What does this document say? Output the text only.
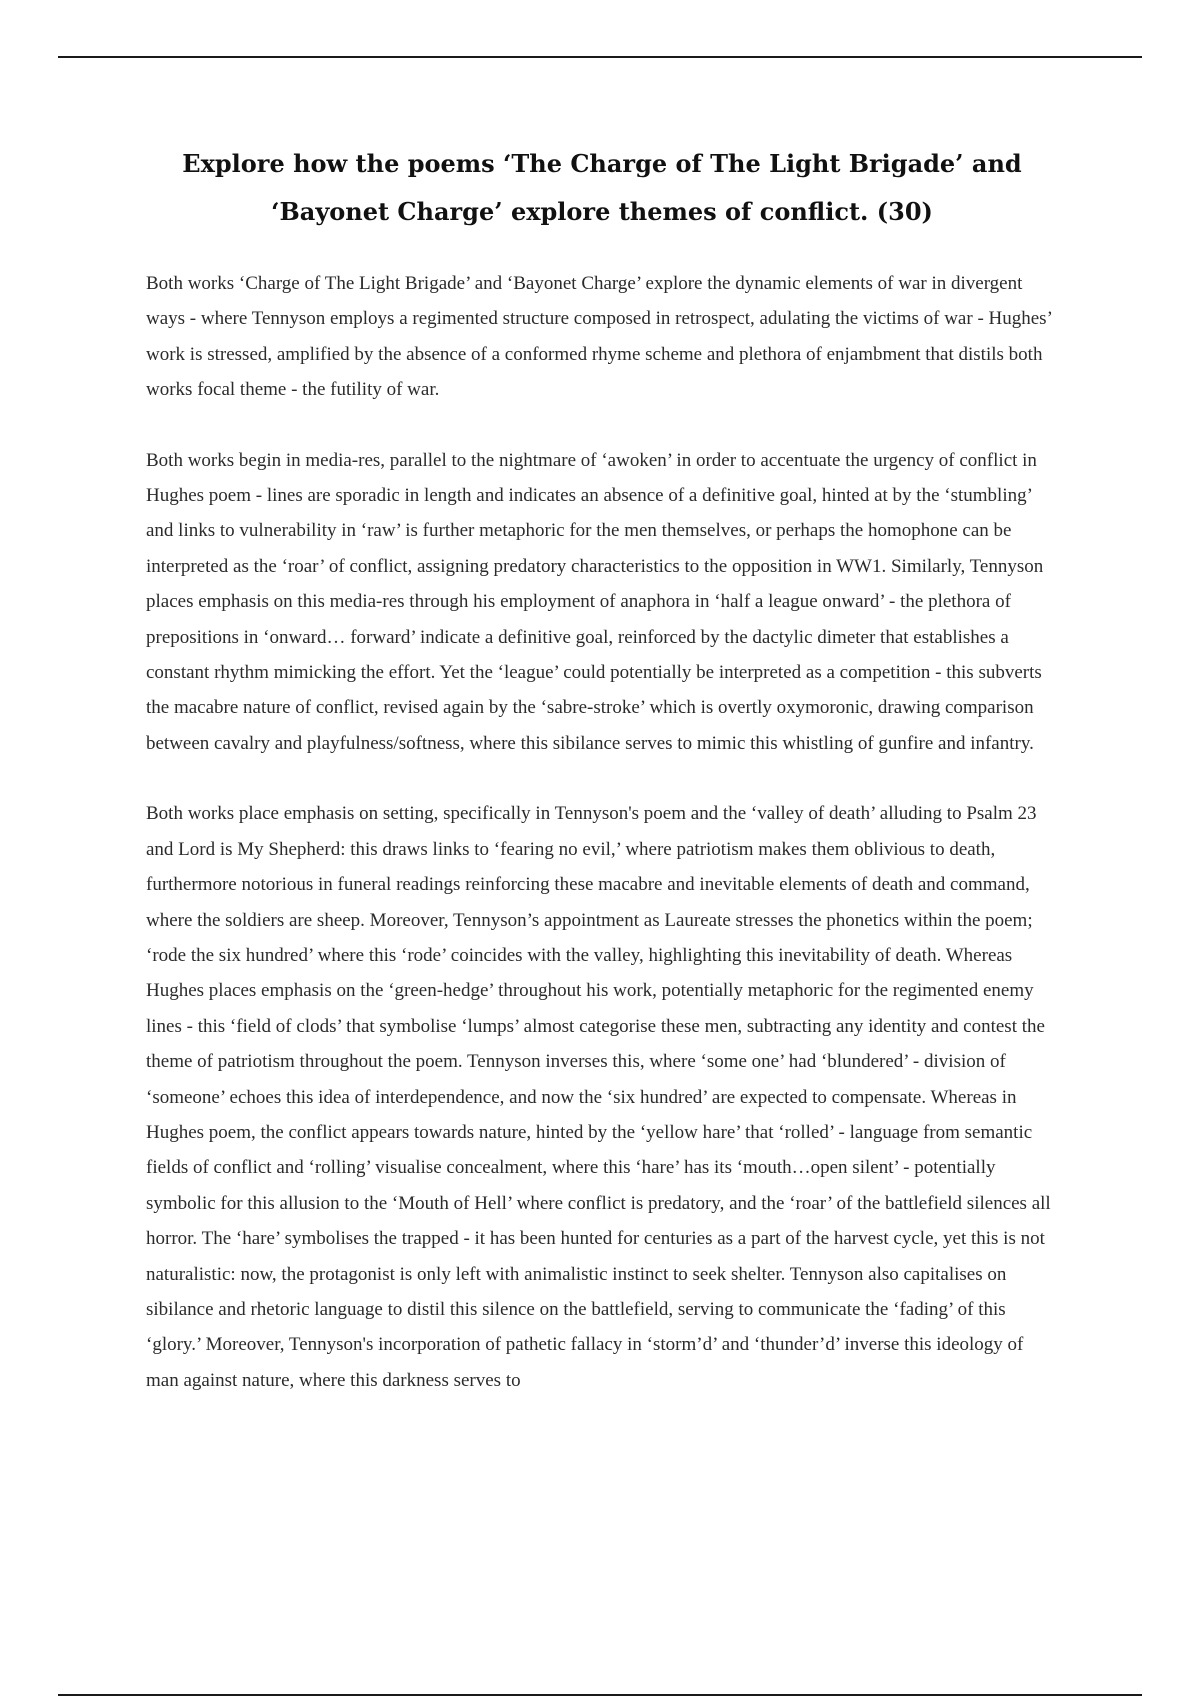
Explore how the poems ‘The Charge of The Light Brigade’ and ‘Bayonet Charge’ explore themes of conflict. (30)

Both works ‘Charge of The Light Brigade’ and ‘Bayonet Charge’ explore the dynamic elements of war in divergent ways - where Tennyson employs a regimented structure composed in retrospect, adulating the victims of war - Hughes’ work is stressed, amplified by the absence of a conformed rhyme scheme and plethora of enjambment that distils both works focal theme - the futility of war.

Both works begin in media-res, parallel to the nightmare of ‘awoken’ in order to accentuate the urgency of conflict in Hughes poem - lines are sporadic in length and indicates an absence of a definitive goal, hinted at by the ‘stumbling’ and links to vulnerability in ‘raw’ is further metaphoric for the men themselves, or perhaps the homophone can be interpreted as the ‘roar’ of conflict, assigning predatory characteristics to the opposition in WW1. Similarly, Tennyson places emphasis on this media-res through his employment of anaphora in ‘half a league onward’ - the plethora of prepositions in ‘onward… forward’ indicate a definitive goal, reinforced by the dactylic dimeter that establishes a constant rhythm mimicking the effort. Yet the ‘league’ could potentially be interpreted as a competition - this subverts the macabre nature of conflict, revised again by the ‘sabre-stroke’ which is overtly oxymoronic, drawing comparison between cavalry and playfulness/softness, where this sibilance serves to mimic this whistling of gunfire and infantry.

Both works place emphasis on setting, specifically in Tennyson's poem and the ‘valley of death’ alluding to Psalm 23 and Lord is My Shepherd: this draws links to ‘fearing no evil,’ where patriotism makes them oblivious to death, furthermore notorious in funeral readings reinforcing these macabre and inevitable elements of death and command, where the soldiers are sheep. Moreover, Tennyson’s appointment as Laureate stresses the phonetics within the poem; ‘rode the six hundred’ where this ‘rode’ coincides with the valley, highlighting this inevitability of death. Whereas Hughes places emphasis on the ‘green-hedge’ throughout his work, potentially metaphoric for the regimented enemy lines - this ‘field of clods’ that symbolise ‘lumps’ almost categorise these men, subtracting any identity and contest the theme of patriotism throughout the poem. Tennyson inverses this, where ‘some one’ had ‘blundered’ - division of ‘someone’ echoes this idea of interdependence, and now the ‘six hundred’ are expected to compensate. Whereas in Hughes poem, the conflict appears towards nature, hinted by the ‘yellow hare’ that ‘rolled’ - language from semantic fields of conflict and ‘rolling’ visualise concealment, where this ‘hare’ has its ‘mouth…open silent’ - potentially symbolic for this allusion to the ‘Mouth of Hell’ where conflict is predatory, and the ‘roar’ of the battlefield silences all horror. The ‘hare’ symbolises the trapped - it has been hunted for centuries as a part of the harvest cycle, yet this is not naturalistic: now, the protagonist is only left with animalistic instinct to seek shelter. Tennyson also capitalises on sibilance and rhetoric language to distil this silence on the battlefield, serving to communicate the ‘fading’ of this ‘glory.’ Moreover, Tennyson's incorporation of pathetic fallacy in ‘storm’d’ and ‘thunder’d’ inverse this ideology of man against nature, where this darkness serves to
